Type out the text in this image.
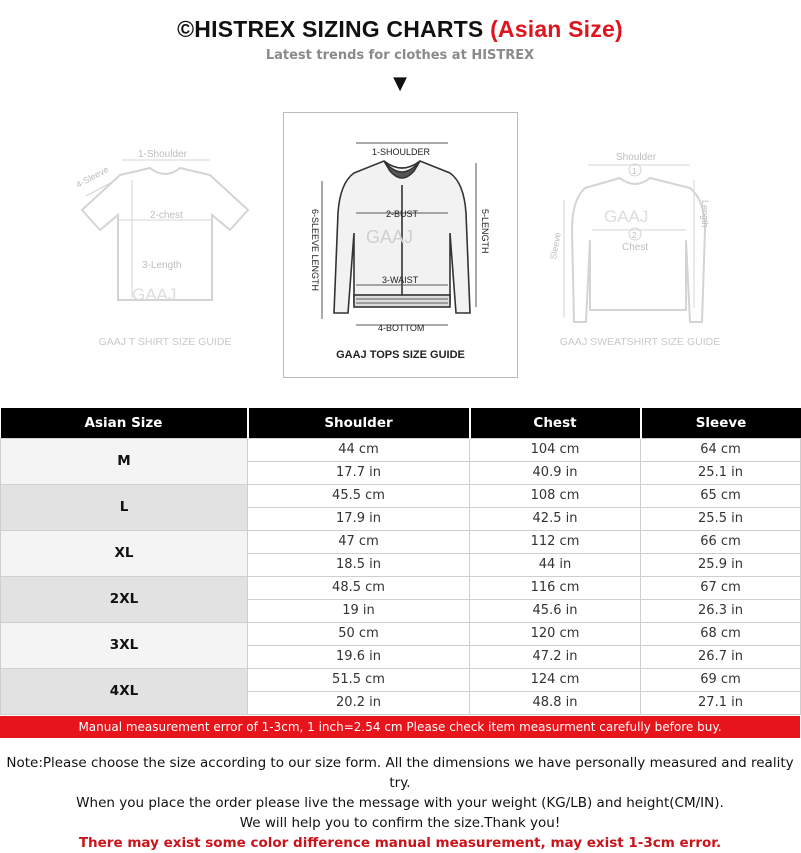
©HISTREX SIZING CHARTS (Asian Size)
Latest trends for clothes at HISTREX
▼
1-Shoulder
4-Sleeve
2-chest
3-Length
GAAJ
GAAJ T SHIRT SIZE GUIDE
1-SHOULDER
2-BUST
3-WAIST
4-BOTTOM
5-LENGTH
6-SLEEVE LENGTH	GAAJ
GAAJ TOPS SIZE GUIDE
Shoulder
1
2
Chest
Sleeve
Length
GAAJ
GAAJ SWEATSHIRT SIZE GUIDE
Asian Size	Shoulder	Chest	Sleeve
M	44 cm	104 cm	64 cm
	17.7 in	40.9 in	25.1 in
L	45.5 cm	108 cm	65 cm
	17.9 in	42.5 in	25.5 in
XL	47 cm	112 cm	66 cm
	18.5 in	44 in	25.9 in
2XL	48.5 cm	116 cm	67 cm
	19 in	45.6 in	26.3 in
3XL	50 cm	120 cm	68 cm
	19.6 in	47.2 in	26.7 in
4XL	51.5 cm	124 cm	69 cm
	20.2 in	48.8 in	27.1 in
Manual measurement error of 1-3cm, 1 inch=2.54 cm Please check item measurment carefully before buy.
Note:Please choose the size according to our size form. All the dimensions we have personally measured and reality try.
When you place the order please live the message with your weight (KG/LB) and height(CM/IN).
We will help you to confirm the size.Thank you!
There may exist some color difference manual measurement, may exist 1-3cm error.
